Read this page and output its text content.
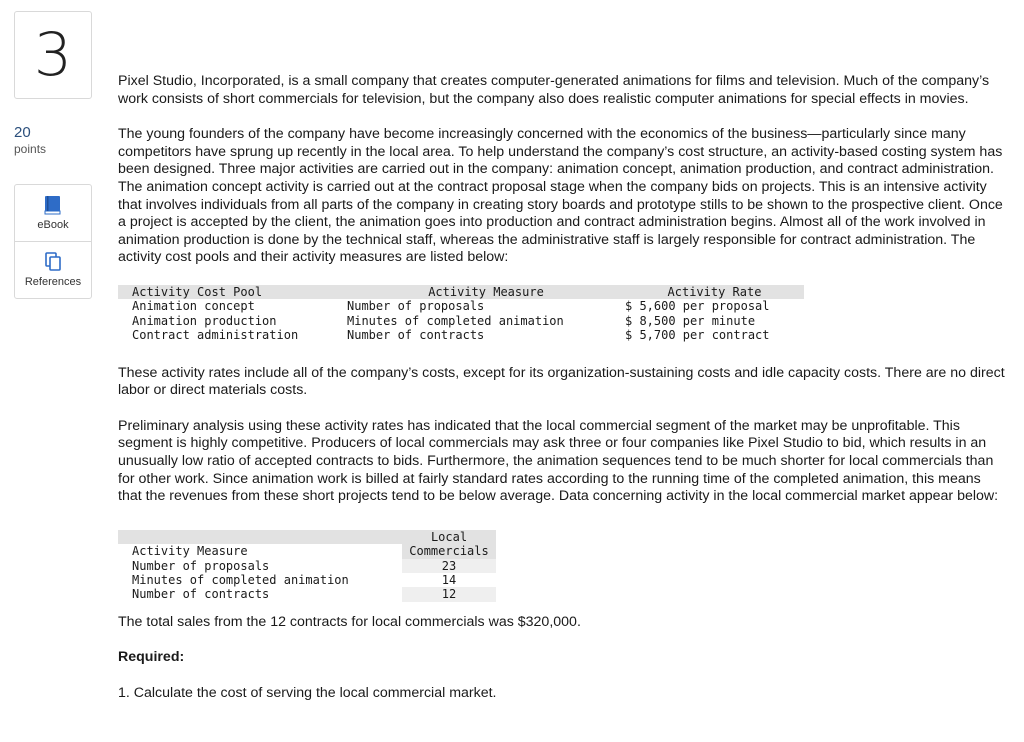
3
20
points
eBook
References

Pixel Studio, Incorporated, is a small company that creates computer-generated animations for films and television. Much of the company’s work consists of short commercials for television, but the company also does realistic computer animations for special effects in movies.

The young founders of the company have become increasingly concerned with the economics of the business—particularly since many competitors have sprung up recently in the local area. To help understand the company’s cost structure, an activity-based costing system has been designed. Three major activities are carried out in the company: animation concept, animation production, and contract administration. The animation concept activity is carried out at the contract proposal stage when the company bids on projects. This is an intensive activity that involves individuals from all parts of the company in creating story boards and prototype stills to be shown to the prospective client. Once a project is accepted by the client, the animation goes into production and contract administration begins. Almost all of the work involved in animation production is done by the technical staff, whereas the administrative staff is largely responsible for contract administration. The activity cost pools and their activity measures are listed below:

Activity Cost Pool	Activity Measure	Activity Rate
Animation concept	Number of proposals	$ 5,600 per proposal
Animation production	Minutes of completed animation	$ 8,500 per minute
Contract administration	Number of contracts	$ 5,700 per contract

These activity rates include all of the company’s costs, except for its organization-sustaining costs and idle capacity costs. There are no direct labor or direct materials costs.

Preliminary analysis using these activity rates has indicated that the local commercial segment of the market may be unprofitable. This segment is highly competitive. Producers of local commercials may ask three or four companies like Pixel Studio to bid, which results in an unusually low ratio of accepted contracts to bids. Furthermore, the animation sequences tend to be much shorter for local commercials than for other work. Since animation work is billed at fairly standard rates according to the running time of the completed animation, this means that the revenues from these short projects tend to be below average. Data concerning activity in the local commercial market appear below:

Local
Activity Measure	Commercials
Number of proposals	23
Minutes of completed animation	14
Number of contracts	12

The total sales from the 12 contracts for local commercials was $320,000.

Required:

1. Calculate the cost of serving the local commercial market.
